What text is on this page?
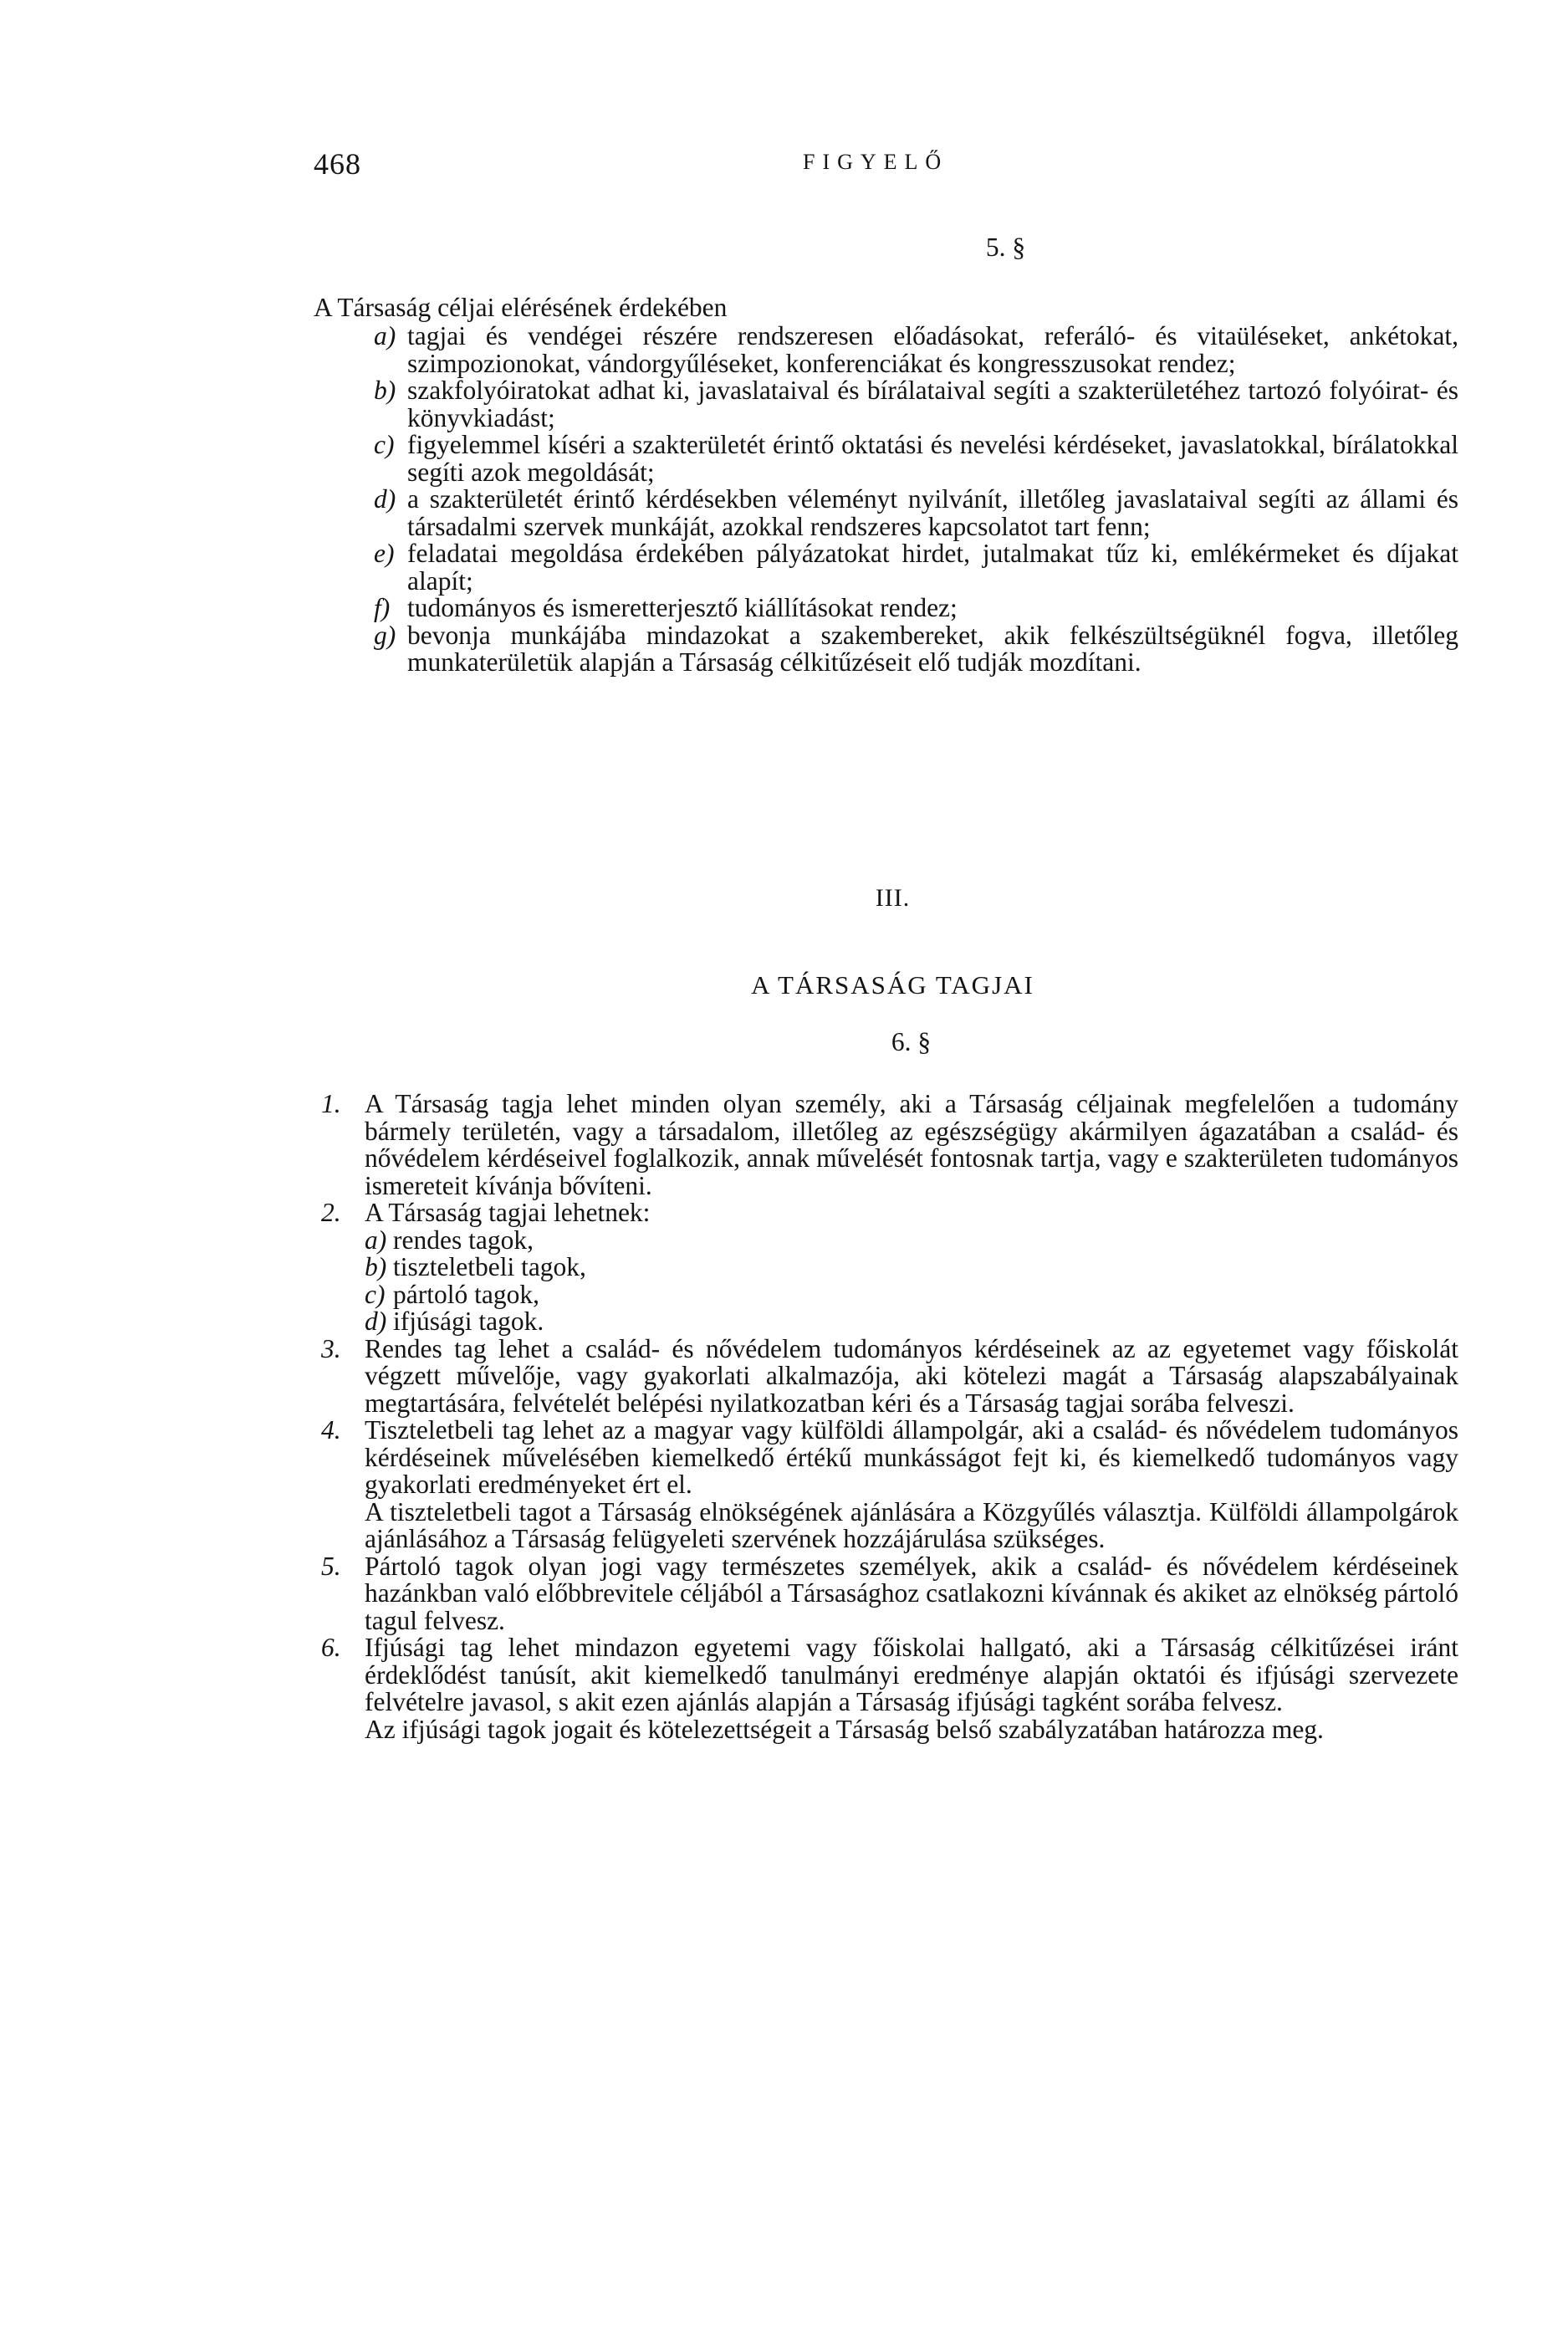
468	FIGYELŐ
5. §
A Társaság céljai elérésének érdekében
a) tagjai és vendégei részére rendszeresen előadásokat, referáló- és vitaüléseket, ankétokat, szimpozionokat, vándorgyűléseket, konferenciákat és kongresszusokat rendez;
b) szakfolyóiratokat adhat ki, javaslataival és bírálataival segíti a szakterületéhez tartozó folyóirat- és könyvkiadást;
c) figyelemmel kíséri a szakterületét érintő oktatási és nevelési kérdéseket, javaslatokkal, bírálatokkal segíti azok megoldását;
d) a szakterületét érintő kérdésekben véleményt nyilvánít, illetőleg javaslataival segíti az állami és társadalmi szervek munkáját, azokkal rendszeres kapcsolatot tart fenn;
e) feladatai megoldása érdekében pályázatokat hirdet, jutalmakat tűz ki, emlékérmeket és díjakat alapít;
f) tudományos és ismeretterjesztő kiállításokat rendez;
g) bevonja munkájába mindazokat a szakembereket, akik felkészültségüknél fogva, illetőleg munkaterületük alapján a Társaság célkitűzéseit elő tudják mozdítani.
III.
A TÁRSASÁG TAGJAI
6. §
1. A Társaság tagja lehet minden olyan személy, aki a Társaság céljainak megfelelően a tudomány bármely területén, vagy a társadalom, illetőleg az egészségügy akármilyen ágazatában a család- és nővédelem kérdéseivel foglalkozik, annak művelését fontosnak tartja, vagy e szakterületen tudományos ismereteit kívánja bővíteni.

2. A Társaság tagjai lehetnek:

a) rendes tagok,
b) tiszteletbeli tagok,
c) pártoló tagok,
d) ifjúsági tagok.
3. Rendes tag lehet a család- és nővédelem tudományos kérdéseinek az az egyetemet vagy főiskolát végzett művelője, vagy gyakorlati alkalmazója, aki kötelezi magát a Társaság alapszabályainak megtartására, felvételét belépési nyilatkozatban kéri és a Társaság tagjai sorába felveszi.

4. Tiszteletbeli tag lehet az a magyar vagy külföldi állampolgár, aki a család- és nővédelem tudományos kérdéseinek művelésében kiemelkedő értékű munkásságot fejt ki, és kiemelkedő tudományos vagy gyakorlati eredményeket ért el.

A tiszteletbeli tagot a Társaság elnökségének ajánlására a Közgyűlés választja. Külföldi állampolgárok ajánlásához a Társaság felügyeleti szervének hozzájárulása szükséges.

5. Pártoló tagok olyan jogi vagy természetes személyek, akik a család- és nővédelem kérdéseinek hazánkban való előbbrevitele céljából a Társasághoz csatlakozni kívánnak és akiket az elnökség pártoló tagul felvesz.

6. Ifjúsági tag lehet mindazon egyetemi vagy főiskolai hallgató, aki a Társaság célkitűzései iránt érdeklődést tanúsít, akit kiemelkedő tanulmányi eredménye alapján oktatói és ifjúsági szervezete felvételre javasol, s akit ezen ajánlás alapján a Társaság ifjúsági tagként sorába felvesz.

Az ifjúsági tagok jogait és kötelezettségeit a Társaság belső szabályzatában határozza meg.
